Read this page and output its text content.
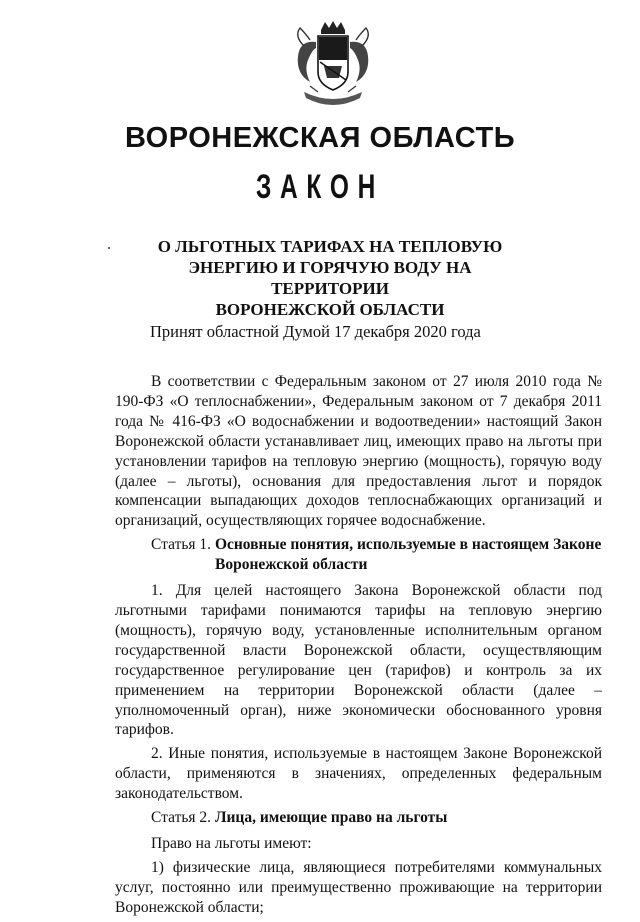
ВОРОНЕЖСКАЯ ОБЛАСТЬ
ЗАКОН
О ЛЬГОТНЫХ ТАРИФАХ НА ТЕПЛОВУЮ
ЭНЕРГИЮ И ГОРЯЧУЮ ВОДУ НА ТЕРРИТОРИИ
ВОРОНЕЖСКОЙ ОБЛАСТИ
Принят областной Думой 17 декабря 2020 года

В соответствии с Федеральным законом от 27 июля 2010 года № 190-ФЗ «О теплоснабжении», Федеральным законом от 7 декабря 2011 года № 416-ФЗ «О водоснабжении и водоотведении» настоящий Закон Воронежской области устанавливает лиц, имеющих право на льготы при установлении тарифов на тепловую энергию (мощность), горячую воду (далее – льготы), основания для предоставления льгот и порядок компенсации выпадающих доходов теплоснабжающих организаций и организаций, осуществляющих горячее водоснабжение.

Статья 1. Основные понятия, используемые в настоящем Законе
Воронежской области

1. Для целей настоящего Закона Воронежской области под льготными тарифами понимаются тарифы на тепловую энергию (мощность), горячую воду, установленные исполнительным органом государственной власти Воронежской области, осуществляющим государственное регулирование цен (тарифов) и контроль за их применением на территории Воронежской области (далее – уполномоченный орган), ниже экономически обоснованного уровня тарифов.

2. Иные понятия, используемые в настоящем Законе Воронежской области, применяются в значениях, определенных федеральным законодательством.

Статья 2. Лица, имеющие право на льготы

Право на льготы имеют:

1) физические лица, являющиеся потребителями коммунальных услуг, постоянно или преимущественно проживающие на территории Воронежской области;
